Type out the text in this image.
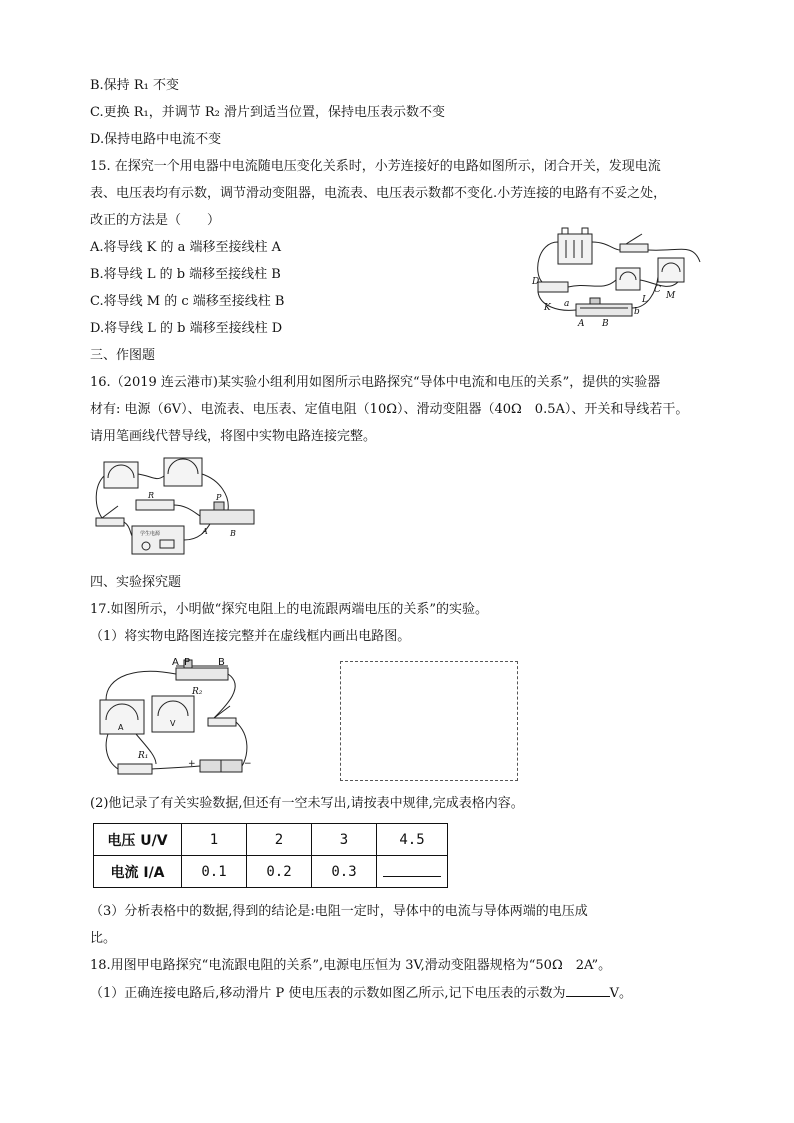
B.保持 R₁ 不变
C.更换 R₁，并调节 R₂ 滑片到适当位置，保持电压表示数不变
D.保持电路中电流不变
15. 在探究一个用电器中电流随电压变化关系时，小芳连接好的电路如图所示，闭合开关，发现电流
表、电压表均有示数，调节滑动变阻器，电流表、电压表示数都不变化.小芳连接的电路有不妥之处，
改正的方法是（　　）
A.将导线 K 的 a 端移至接线柱 A
B.将导线 L 的 b 端移至接线柱 B
C.将导线 M 的 c 端移至接线柱 B
D.将导线 L 的 b 端移至接线柱 D
D
K a
A B
b
L
C
M
三、作图题
16.（2019 连云港市)某实验小组利用如图所示电路探究“导体中电流和电压的关系”，提供的实验器
材有: 电源（6V）、电流表、电压表、定值电阻（10Ω）、滑动变阻器（40Ω　0.5A）、开关和导线若干。
请用笔画线代替导线，将图中实物电路连接完整。
R	P
A	B
学生电源
四、实验探究题
17.如图所示，小明做“探究电阻上的电流跟两端电压的关系”的实验。
（1）将实物电路图连接完整并在虚线框内画出电路图。
A P	B
R₂
R₁
+	−
A	V
(2)他记录了有关实验数据,但还有一空未写出,请按表中规律,完成表格内容。
电压 U/V	1	2	3	4.5
电流 I/A	0.1	0.2	0.3	
（3）分析表格中的数据,得到的结论是:电阻一定时，导体中的电流与导体两端的电压成
比。
18.用图甲电路探究“电流跟电阻的关系”,电源电压恒为 3V,滑动变阻器规格为“50Ω　2A”。
（1）正确连接电路后,移动滑片 P 使电压表的示数如图乙所示,记下电压表的示数为	V。
